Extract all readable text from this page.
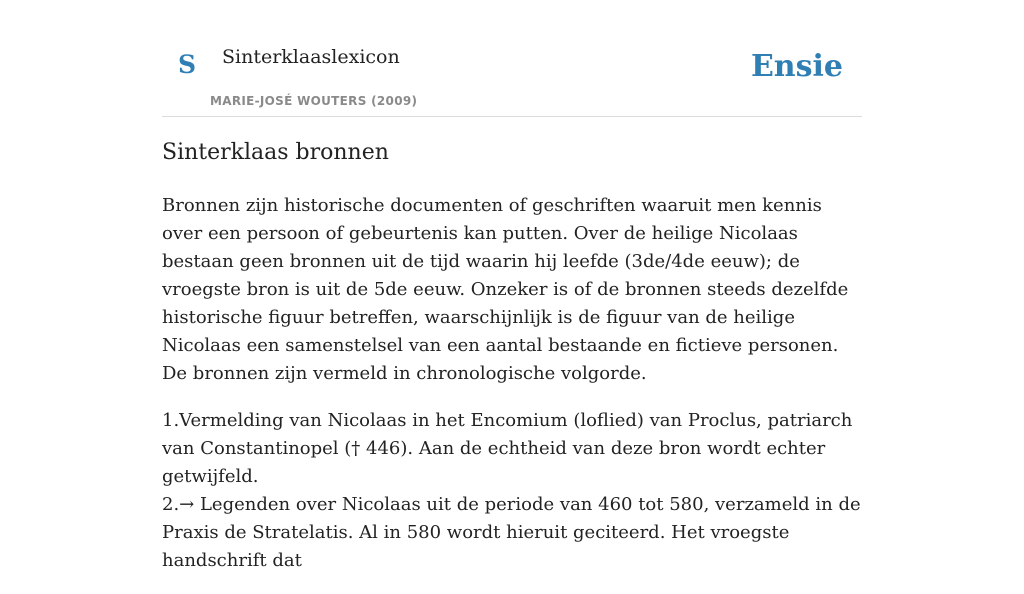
S Sinterklaaslexicon
MARIE-JOSÉ WOUTERS (2009)
Ensie
Sinterklaas bronnen

Bronnen zijn historische documenten of geschriften waaruit men kennis over een persoon of gebeurtenis kan putten. Over de heilige Nicolaas bestaan geen bronnen uit de tijd waarin hij leefde (3de/4de eeuw); de vroegste bron is uit de 5de eeuw. Onzeker is of de bronnen steeds dezelfde historische figuur betreffen, waarschijnlijk is de figuur van de heilige Nicolaas een samenstelsel van een aantal bestaande en fictieve personen. De bronnen zijn vermeld in chronologische volgorde.

1.Vermelding van Nicolaas in het Encomium (loflied) van Proclus, patriarch van Constantinopel († 446). Aan de echtheid van deze bron wordt echter getwijfeld.
2.→ Legenden over Nicolaas uit de periode van 460 tot 580, verzameld in de Praxis de Stratelatis. Al in 580 wordt hieruit geciteerd. Het vroegste handschrift dat
